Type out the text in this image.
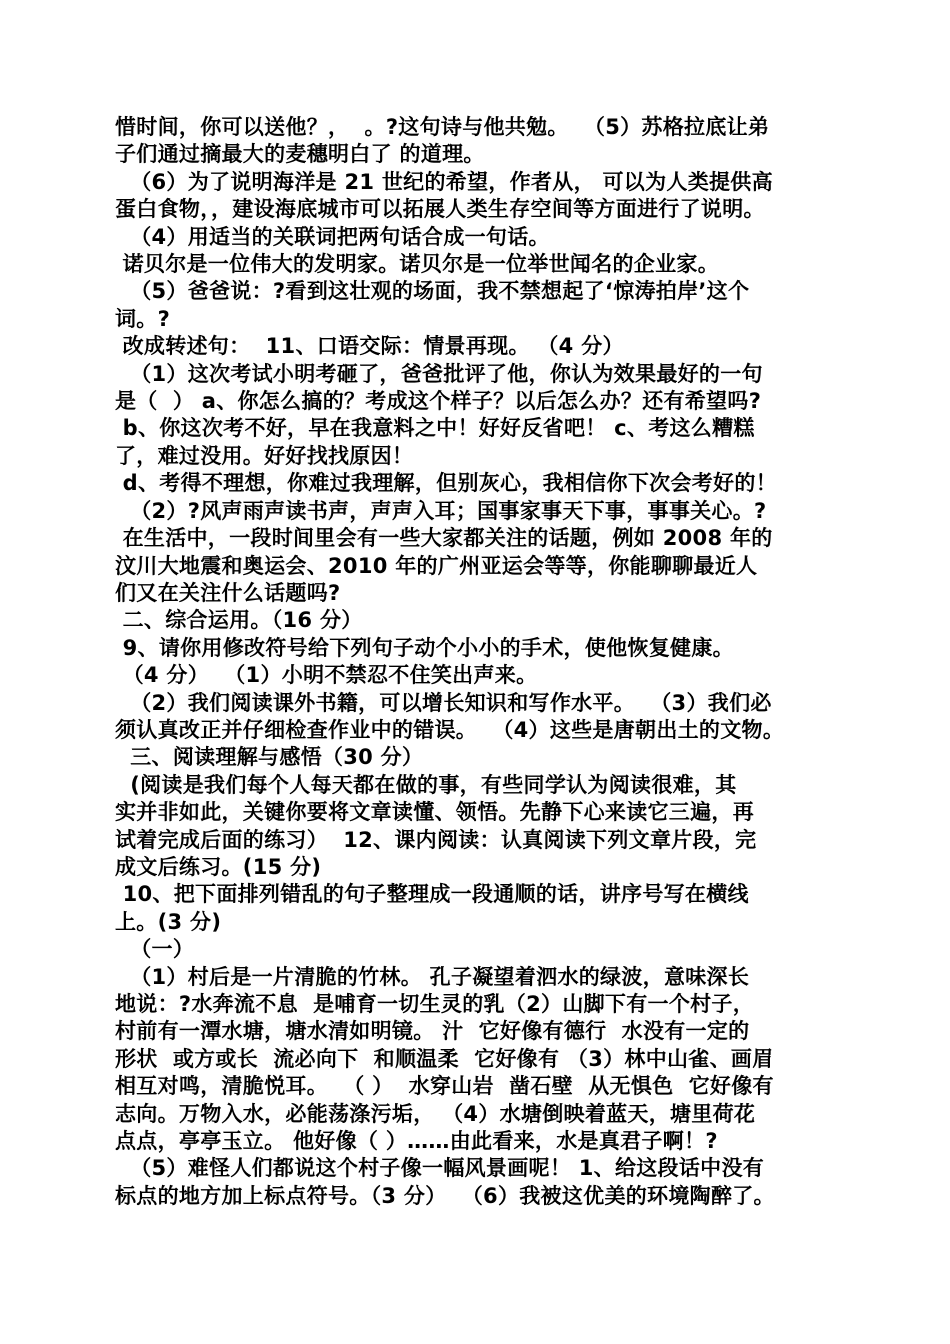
惜时间，你可以送他？，  。?这句诗与他共勉。  （5）苏格拉底让弟
子们通过摘最大的麦穗明白了 的道理。
（6）为了说明海洋是 21 世纪的希望，作者从， 可以为人类提供高
蛋白食物，，建设海底城市可以拓展人类生存空间等方面进行了说明。
（4）用适当的关联词把两句话合成一句话。
诺贝尔是一位伟大的发明家。诺贝尔是一位举世闻名的企业家。
（5）爸爸说：?看到这壮观的场面，我不禁想起了‘惊涛拍岸’这个
词。?
改成转述句：  11、口语交际：情景再现。 （4 分）
（1）这次考试小明考砸了，爸爸批评了他，你认为效果最好的一句
是（  ） a、你怎么搞的？考成这个样子？以后怎么办？还有希望吗?
b、你这次考不好，早在我意料之中！好好反省吧！ c、考这么糟糕
了，难过没用。好好找找原因！
d、考得不理想，你难过我理解，但别灰心，我相信你下次会考好的！
（2）?风声雨声读书声，声声入耳；国事家事天下事，事事关心。?
在生活中，一段时间里会有一些大家都关注的话题，例如 2008 年的
汶川大地震和奥运会、2010 年的广州亚运会等等，你能聊聊最近人
们又在关注什么话题吗?
二、综合运用。（16 分）
9、请你用修改符号给下列句子动个小小的手术，使他恢复健康。
（4 分）  （1）小明不禁忍不住笑出声来。
（2）我们阅读课外书籍，可以增长知识和写作水平。  （3）我们必
须认真改正并仔细检查作业中的错误。  （4）这些是唐朝出土的文物。
三、阅读理解与感悟（30 分）
(阅读是我们每个人每天都在做的事，有些同学认为阅读很难，其
实并非如此，关键你要将文章读懂、领悟。先静下心来读它三遍，再
试着完成后面的练习）  12、课内阅读：认真阅读下列文章片段，完
成文后练习。(15 分)
10、把下面排列错乱的句子整理成一段通顺的话，讲序号写在横线
上。(3 分)
（一）
（1）村后是一片清脆的竹林。 孔子凝望着泗水的绿波，意味深长
地说：?水奔流不息  是哺育一切生灵的乳（2）山脚下有一个村子，
村前有一潭水塘，塘水清如明镜。 汁  它好像有德行  水没有一定的
形状  或方或长  流必向下  和顺温柔  它好像有 （3）林中山雀、画眉
相互对鸣，清脆悦耳。  （ ）  水穿山岩  凿石壁  从无惧色  它好像有
志向。万物入水，必能荡涤污垢， （4）水塘倒映着蓝天，塘里荷花
点点，亭亭玉立。 他好像（ ）……由此看来，水是真君子啊！?
（5）难怪人们都说这个村子像一幅风景画呢！ 1、给这段话中没有
标点的地方加上标点符号。（3 分）  （6）我被这优美的环境陶醉了。
